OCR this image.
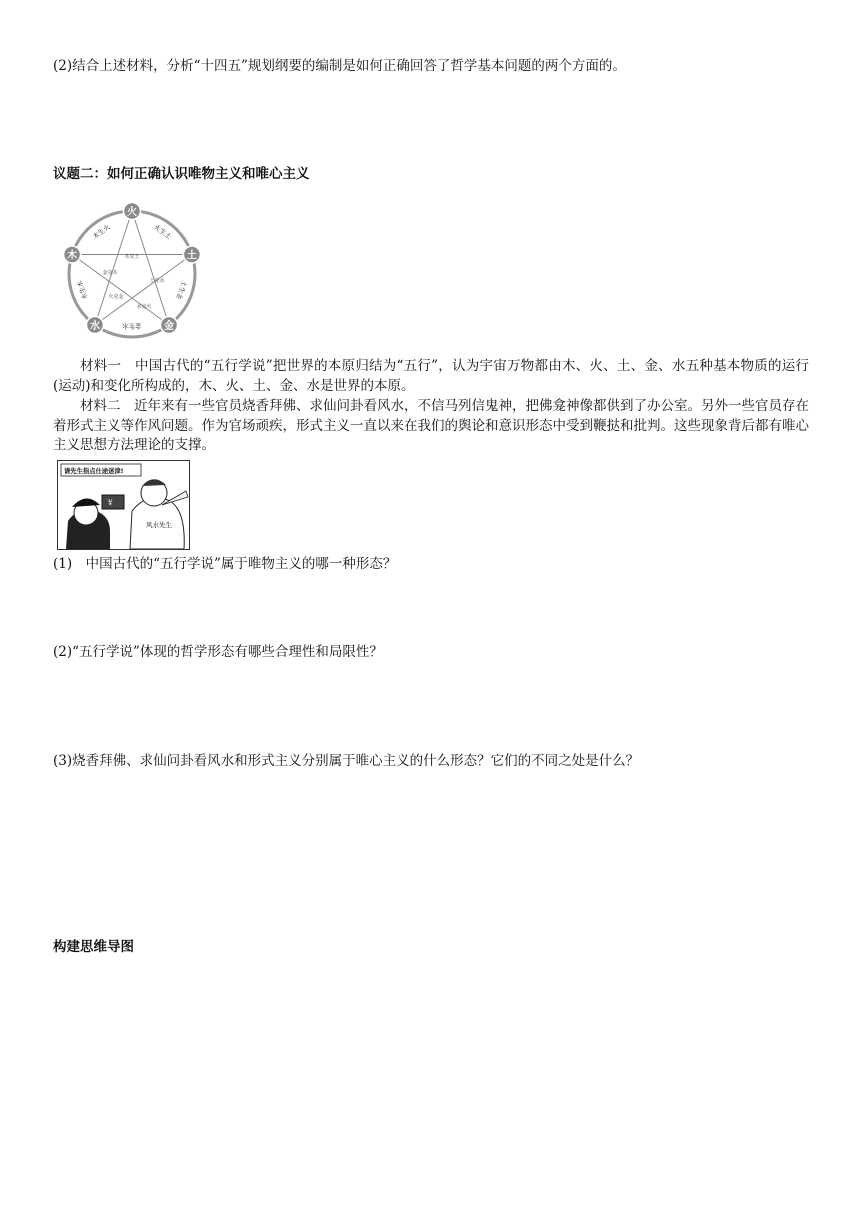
(2)结合上述材料，分析“十四五”规划纲要的编制是如何正确回答了哲学基本问题的两个方面的。
议题二：如何正确认识唯物主义和唯心主义
火
土
金
水
木
木生火	火生土
土生金
金生水
水生木
木克土
土克水
水克火
火克金
金克木
材料一　中国古代的“五行学说”把世界的本原归结为“五行”，认为宇宙万物都由木、火、土、金、水五种基本物质的运行(运动)和变化所构成的，木、火、土、金、水是世界的本原。
材料二　近年来有一些官员烧香拜佛、求仙问卦看风水，不信马列信鬼神，把佛龛神像都供到了办公室。另外一些官员存在着形式主义等作风问题。作为官场顽疾，形式主义一直以来在我们的舆论和意识形态中受到鞭挞和批判。这些现象背后都有唯心主义思想方法理论的支撑。
请先生指点仕途迷津!
¥
风水先生
(1)　中国古代的“五行学说”属于唯物主义的哪一种形态？
(2)“五行学说”体现的哲学形态有哪些合理性和局限性？
(3)烧香拜佛、求仙问卦看风水和形式主义分别属于唯心主义的什么形态？它们的不同之处是什么？
构建思维导图
